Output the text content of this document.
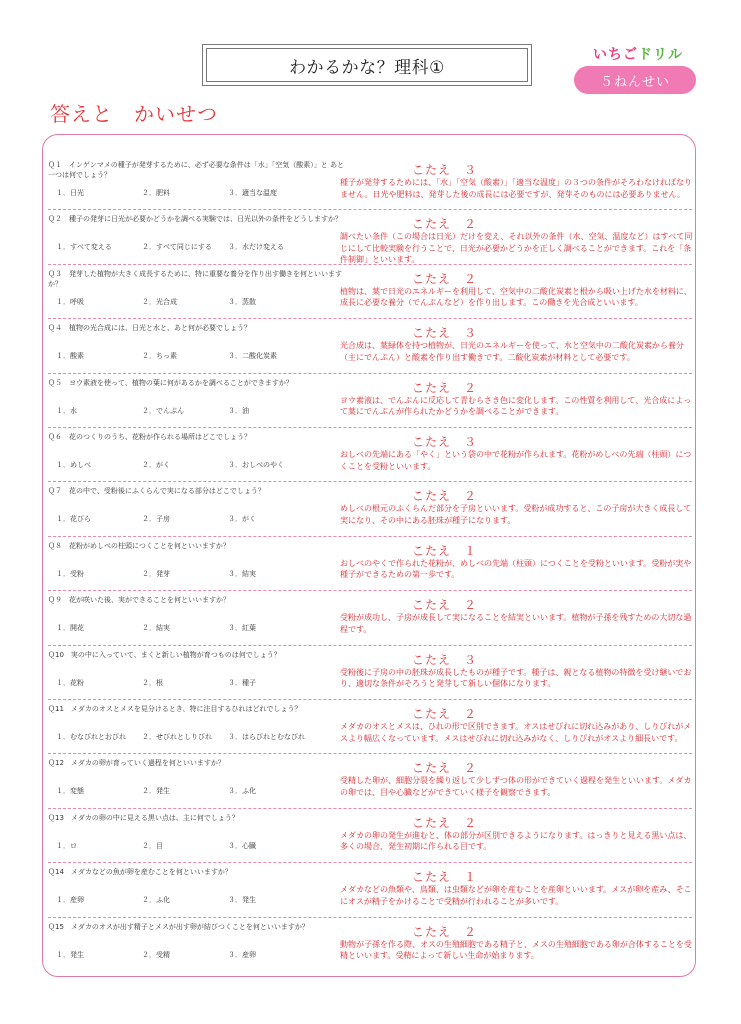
わかるかな？理科①
いちごドリル
５ねんせい
答えと　かいせつ
Ｑ１　インゲンマメの種子が発芽するために、必ず必要な条件は「水」「空気（酸素）」と あと一つは何でしょう？
１．日光	２．肥料	３．適当な温度
こたえ　３
種子が発芽するためには、「水」「空気（酸素）」「適当な温度」の３つの条件がそろわなければなりません。日光や肥料は、発芽した後の成長には必要ですが、発芽そのものには必要ありません。
Ｑ２　種子の発芽に日光が必要かどうかを調べる実験では、日光以外の条件をどうしますか？
１．すべて変える	２．すべて同じにする ３．水だけ変える
こたえ　２
調べたい条件（この場合は日光）だけを変え、それ以外の条件（水、空気、温度など）はすべて同じにして比較実験を行うことで、日光が必要かどうかを正しく調べることができます。これを「条件制御」といいます。
Ｑ３　発芽した植物が大きく成長するために、特に重要な養分を作り出す働きを何といいますか？
１．呼吸	２．光合成	３．蒸散
こたえ　２
植物は、葉で日光のエネルギーを利用して、空気中の二酸化炭素と根から吸い上げた水を材料に、成長に必要な養分（でんぷんなど）を作り出します。この働きを光合成といいます。
Ｑ４　植物の光合成には、日光と水と、あと何が必要でしょう？
１．酸素	２．ちっ素	３．二酸化炭素
こたえ　３
光合成は、葉緑体を持つ植物が、日光のエネルギーを使って、水と空気中の二酸化炭素から養分（主にでんぷん）と酸素を作り出す働きです。二酸化炭素が材料として必要です。
Ｑ５　ヨウ素液を使って、植物の葉に何があるかを調べることができますか？
１．水	２．でんぷん	３．油
こたえ　２
ヨウ素液は、でんぷんに反応して青むらさき色に変化します。この性質を利用して、光合成によって葉にでんぷんが作られたかどうかを調べることができます。
Ｑ６　花のつくりのうち、花粉が作られる場所はどこでしょう？
１．めしべ	２．がく	３．おしべのやく
こたえ　３
おしべの先端にある「やく」という袋の中で花粉が作られます。花粉がめしべの先端（柱頭）につくことを受粉といいます。
Ｑ７　花の中で、受粉後にふくらんで実になる部分はどこでしょう？
１．花びら	２．子房	３．がく
こたえ　２
めしべの根元のふくらんだ部分を子房といいます。受粉が成功すると、この子房が大きく成長して実になり、その中にある胚珠が種子になります。
Ｑ８　花粉がめしべの柱頭につくことを何といいますか？
１．受粉	２．発芽	３．結実
こたえ　１
おしべのやくで作られた花粉が、めしべの先端（柱頭）につくことを受粉といいます。受粉が実や種子ができるための第一歩です。
Ｑ９　花が咲いた後、実ができることを何といいますか？
１．開花	２．結実	３．紅葉
こたえ　２
受粉が成功し、子房が成長して実になることを結実といいます。植物が子孫を残すための大切な過程です。
Ｑ10　実の中に入っていて、まくと新しい植物が育つものは何でしょう？
１．花粉	２．根	３．種子
こたえ　３
受粉後に子房の中の胚珠が成長したものが種子です。種子は、親となる植物の特徴を受け継いでおり、適切な条件がそろうと発芽して新しい個体になります。
Ｑ11　メダカのオスとメスを見分けるとき、特に注目するひれはどれでしょう？
１．むなびれとおびれ ２．せびれとしりびれ ３．はらびれとむなびれ
こたえ　２
メダカのオスとメスは、ひれの形で区別できます。オスはせびれに切れ込みがあり、しりびれがメスより幅広くなっています。メスはせびれに切れ込みがなく、しりびれがオスより細長いです。
Ｑ12　メダカの卵が育っていく過程を何といいますか？
１．変態	２．発生	３．ふ化
こたえ　２
受精した卵が、細胞分裂を繰り返して少しずつ体の形ができていく過程を発生といいます。メダカの卵では、目や心臓などができていく様子を観察できます。
Ｑ13　メダカの卵の中に見える黒い点は、主に何でしょう？
１．ロ	２．目	３．心臓
こたえ　２
メダカの卵の発生が進むと、体の部分が区別できるようになります。はっきりと見える黒い点は、多くの場合、発生初期に作られる目です。
Ｑ14　メダカなどの魚が卵を産むことを何といいますか？
１．産卵	２．ふ化	３．発生
こたえ　１
メダカなどの魚類や、鳥類、は虫類などが卵を産むことを産卵といいます。メスが卵を産み、そこにオスが精子をかけることで受精が行われることが多いです。
Ｑ15　メダカのオスが出す精子とメスが出す卵が結びつくことを何といいますか？
１．発生	２．受精	３．産卵
こたえ　２
動物が子孫を作る際、オスの生殖細胞である精子と、メスの生殖細胞である卵が合体することを受精といいます。受精によって新しい生命が始まります。
